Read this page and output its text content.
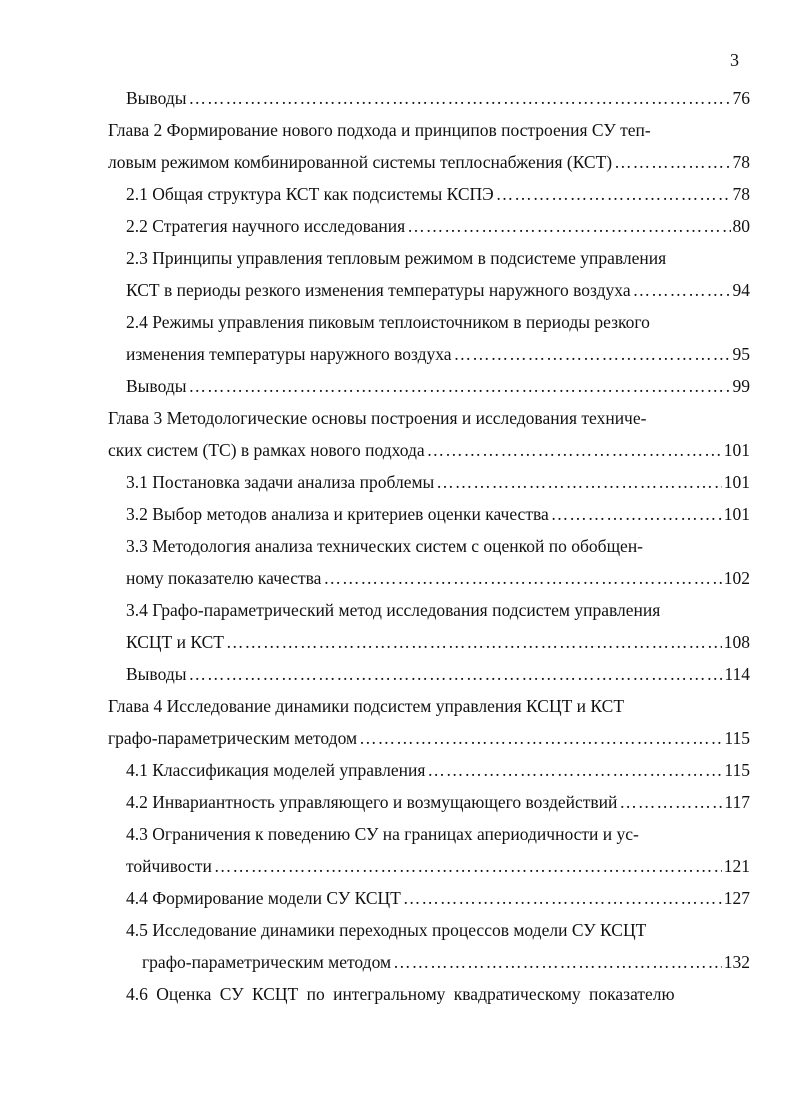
3
Выводы ……………………………………………………………………………………………………………………………………………………	76
Глава 2 Формирование нового подхода и принципов построения СУ теп-
ловым режимом комбинированной системы теплоснабжения (КСТ) ……………………………………………………………………………………………………………………………………………………	78
2.1 Общая структура КСТ как подсистемы КСПЭ ……………………………………………………………………………………………………………………………………………………	78
2.2 Стратегия научного исследования ……………………………………………………………………………………………………………………………………………………	80
2.3 Принципы управления тепловым режимом в подсистеме управления
КСТ в периоды резкого изменения температуры наружного воздуха ……………………………………………………………………………………………………………………………………………………	94
2.4 Режимы управления пиковым теплоисточником в периоды резкого
изменения температуры наружного воздуха ……………………………………………………………………………………………………………………………………………………	95
Выводы ……………………………………………………………………………………………………………………………………………………	99
Глава 3 Методологические основы построения и исследования техниче-
ских систем (ТС) в рамках нового подхода ……………………………………………………………………………………………………………………………………………………	101
3.1 Постановка задачи анализа проблемы ……………………………………………………………………………………………………………………………………………………	101
3.2 Выбор методов анализа и критериев оценки качества ……………………………………………………………………………………………………………………………………………………	101
3.3 Методология анализа технических систем с оценкой по обобщен-
ному показателю качества ……………………………………………………………………………………………………………………………………………………	102
3.4 Графо-параметрический метод исследования подсистем управления
КСЦТ и КСТ ……………………………………………………………………………………………………………………………………………………	108
Выводы ……………………………………………………………………………………………………………………………………………………	114
Глава 4 Исследование динамики подсистем управления КСЦТ и КСТ
графо-параметрическим методом ……………………………………………………………………………………………………………………………………………………	115
4.1 Классификация моделей управления ……………………………………………………………………………………………………………………………………………………	115
4.2 Инвариантность управляющего и возмущающего воздействий ……………………………………………………………………………………………………………………………………………………	117
4.3 Ограничения к поведению СУ на границах апериодичности и ус-
тойчивости ……………………………………………………………………………………………………………………………………………………	121
4.4 Формирование модели СУ КСЦТ ……………………………………………………………………………………………………………………………………………………	127
4.5 Исследование динамики переходных процессов модели СУ КСЦТ
графо-параметрическим методом ……………………………………………………………………………………………………………………………………………………	132
4.6 Оценка СУ КСЦТ по интегральному квадратическому показателю
